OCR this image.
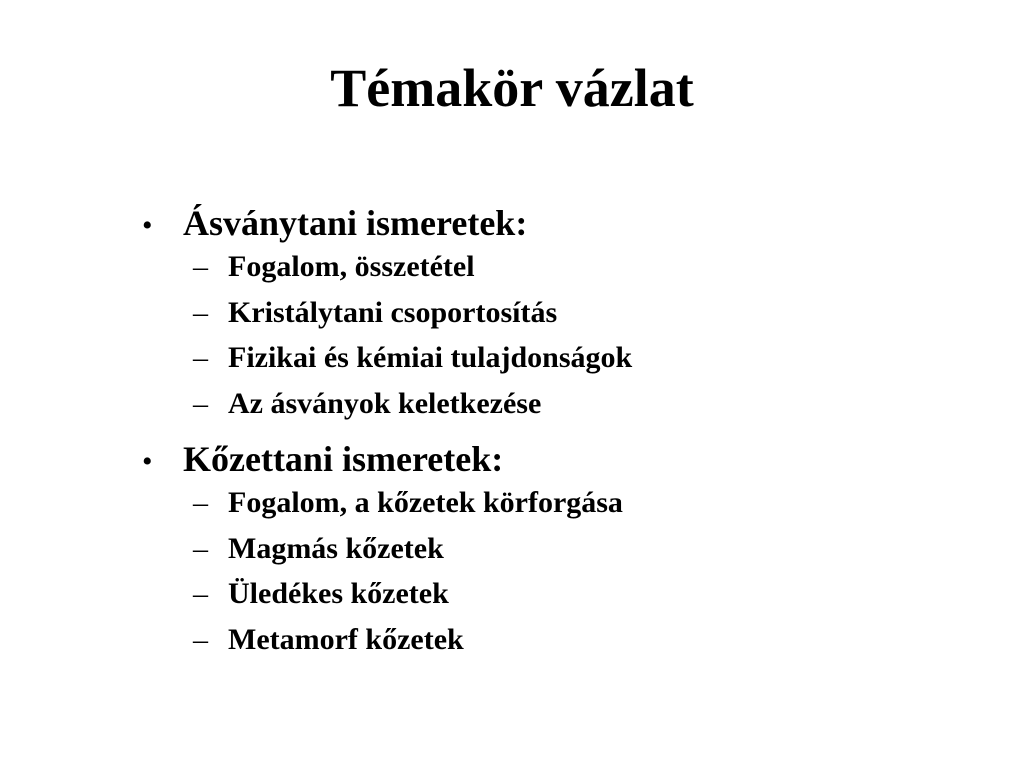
Témakör vázlat
• Ásványtani ismeretek:
– Fogalom, összetétel
– Kristálytani csoportosítás
– Fizikai és kémiai tulajdonságok
– Az ásványok keletkezése
• Kőzettani ismeretek:
– Fogalom, a kőzetek körforgása
– Magmás kőzetek
– Üledékes kőzetek
– Metamorf kőzetek
